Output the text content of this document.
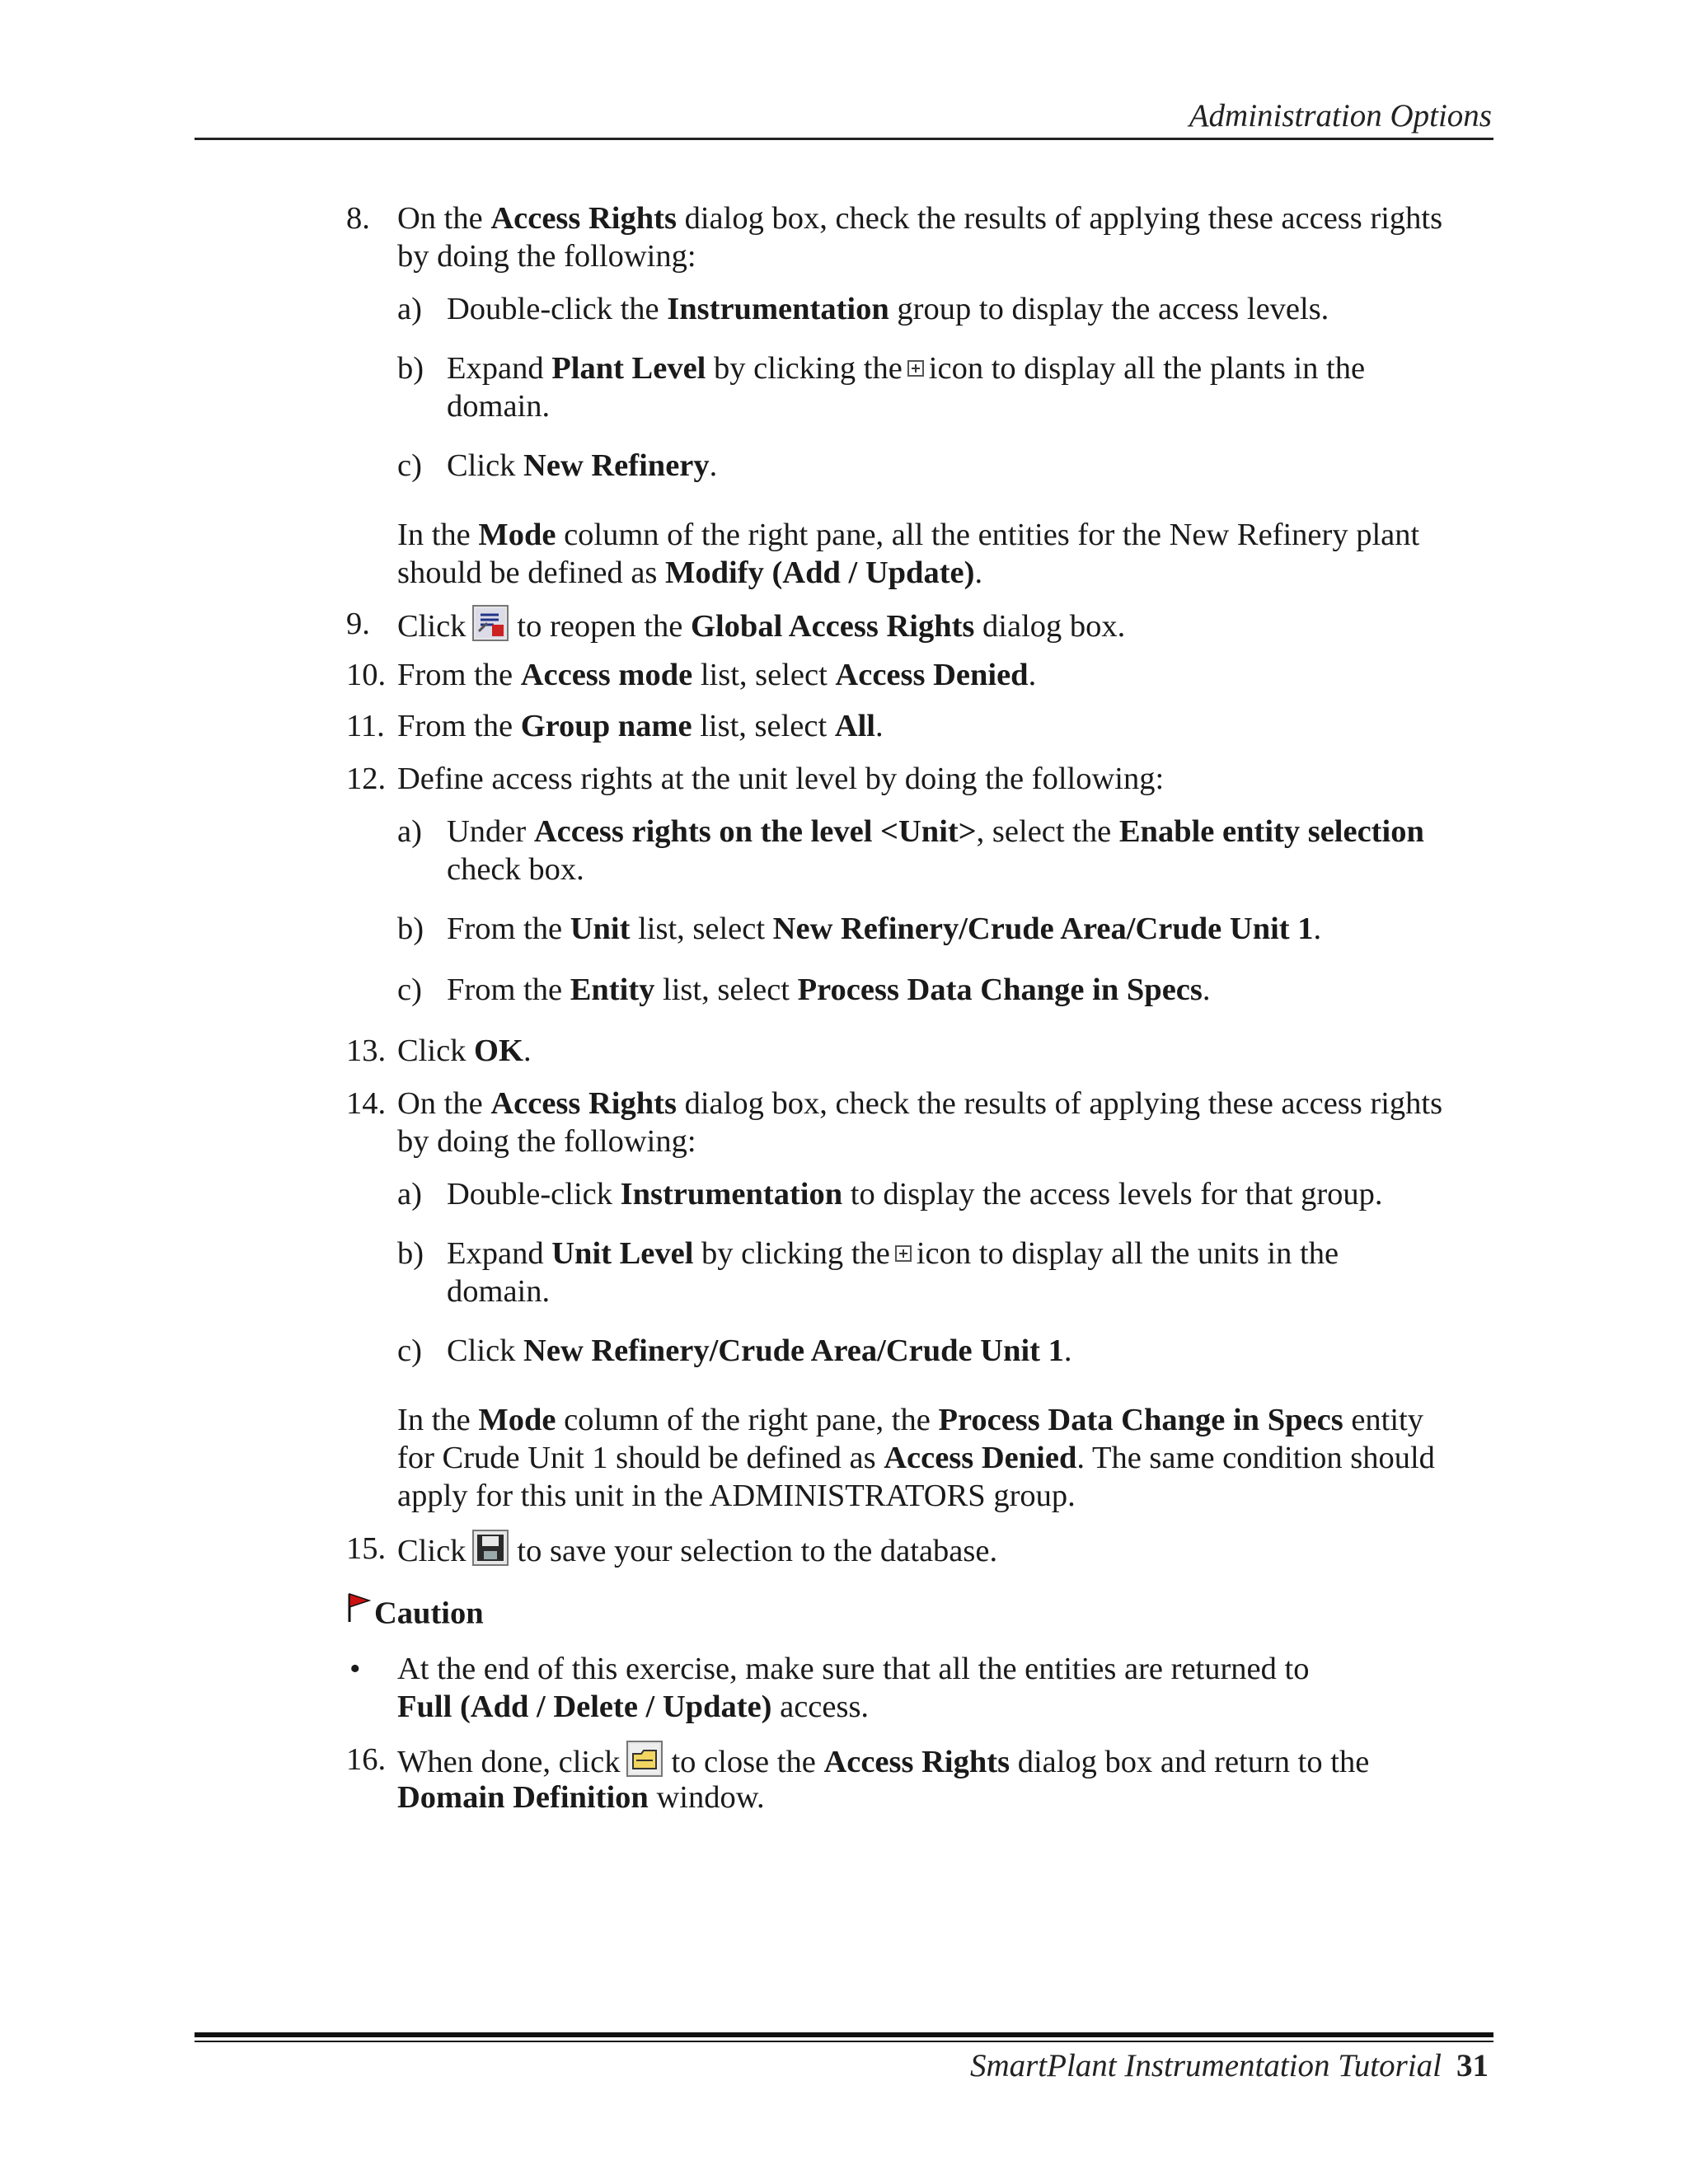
Administration Options
8. On the Access Rights dialog box, check the results of applying these access rights
by doing the following:
a) Double-click the Instrumentation group to display the access levels.
b) Expand Plant Level by clicking the icon to display all the plants in the
domain.
c) Click New Refinery.
In the Mode column of the right pane, all the entities for the New Refinery plant
should be defined as Modify (Add / Update).
9. Click to reopen the Global Access Rights dialog box.
10. From the Access mode list, select Access Denied.
11. From the Group name list, select All.
12. Define access rights at the unit level by doing the following:
a) Under Access rights on the level <Unit>, select the Enable entity selection
check box.
b) From the Unit list, select New Refinery/Crude Area/Crude Unit 1.
c) From the Entity list, select Process Data Change in Specs.
13. Click OK.
14. On the Access Rights dialog box, check the results of applying these access rights
by doing the following:
a) Double-click Instrumentation to display the access levels for that group.
b) Expand Unit Level by clicking the icon to display all the units in the
domain.
c) Click New Refinery/Crude Area/Crude Unit 1.
In the Mode column of the right pane, the Process Data Change in Specs entity
for Crude Unit 1 should be defined as Access Denied. The same condition should
apply for this unit in the ADMINISTRATORS group.
15. Click to save your selection to the database.
Caution
• At the end of this exercise, make sure that all the entities are returned to
Full (Add / Delete / Update) access.
16. When done, click to close the Access Rights dialog box and return to the
Domain Definition window.
SmartPlant Instrumentation Tutorial 31
